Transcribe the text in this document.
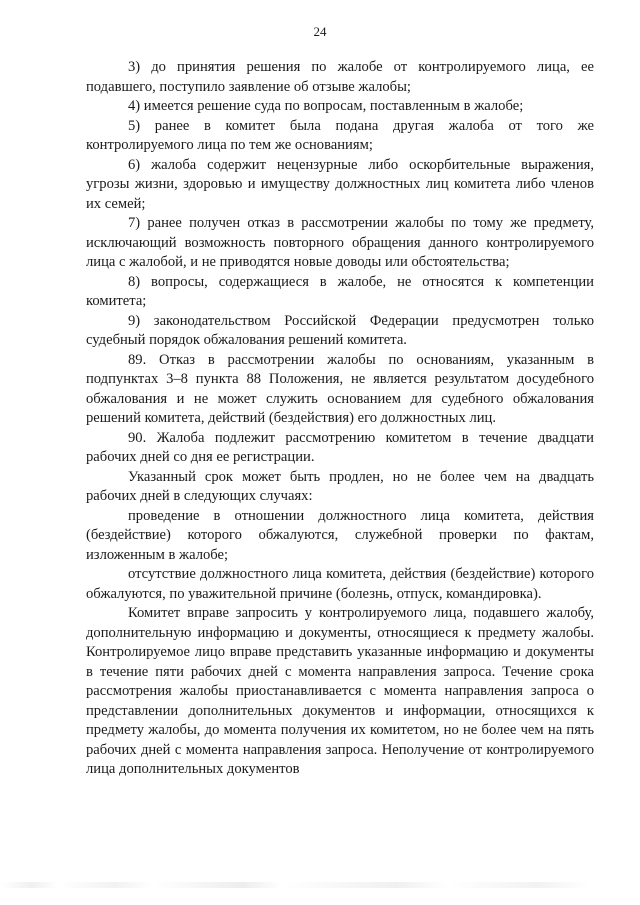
24

3) до принятия решения по жалобе от контролируемого лица, ее подавшего, поступило заявление об отзыве жалобы;

4) имеется решение суда по вопросам, поставленным в жалобе;

5) ранее в комитет была подана другая жалоба от того же контролируемого лица по тем же основаниям;

6) жалоба содержит нецензурные либо оскорбительные выражения, угрозы жизни, здоровью и имуществу должностных лиц комитета либо членов их семей;

7) ранее получен отказ в рассмотрении жалобы по тому же предмету, исключающий возможность повторного обращения данного контролируемого лица с жалобой, и не приводятся новые доводы или обстоятельства;

8) вопросы, содержащиеся в жалобе, не относятся к компетенции комитета;

9) законодательством Российской Федерации предусмотрен только судебный порядок обжалования решений комитета.

89. Отказ в рассмотрении жалобы по основаниям, указанным в подпунктах 3–8 пункта 88 Положения, не является результатом досудебного обжалования и не может служить основанием для судебного обжалования решений комитета, действий (бездействия) его должностных лиц.

90. Жалоба подлежит рассмотрению комитетом в течение двадцати рабочих дней со дня ее регистрации.

Указанный срок может быть продлен, но не более чем на двадцать рабочих дней в следующих случаях:

проведение в отношении должностного лица комитета, действия (бездействие) которого обжалуются, служебной проверки по фактам, изложенным в жалобе;

отсутствие должностного лица комитета, действия (бездействие) которого обжалуются, по уважительной причине (болезнь, отпуск, командировка).

Комитет вправе запросить у контролируемого лица, подавшего жалобу, дополнительную информацию и документы, относящиеся к предмету жалобы. Контролируемое лицо вправе представить указанные информацию и документы в течение пяти рабочих дней с момента направления запроса. Течение срока рассмотрения жалобы приостанавливается с момента направления запроса о представлении дополнительных документов и информации, относящихся к предмету жалобы, до момента получения их комитетом, но не более чем на пять рабочих дней с момента направления запроса. Неполучение от контролируемого лица дополнительных документов
